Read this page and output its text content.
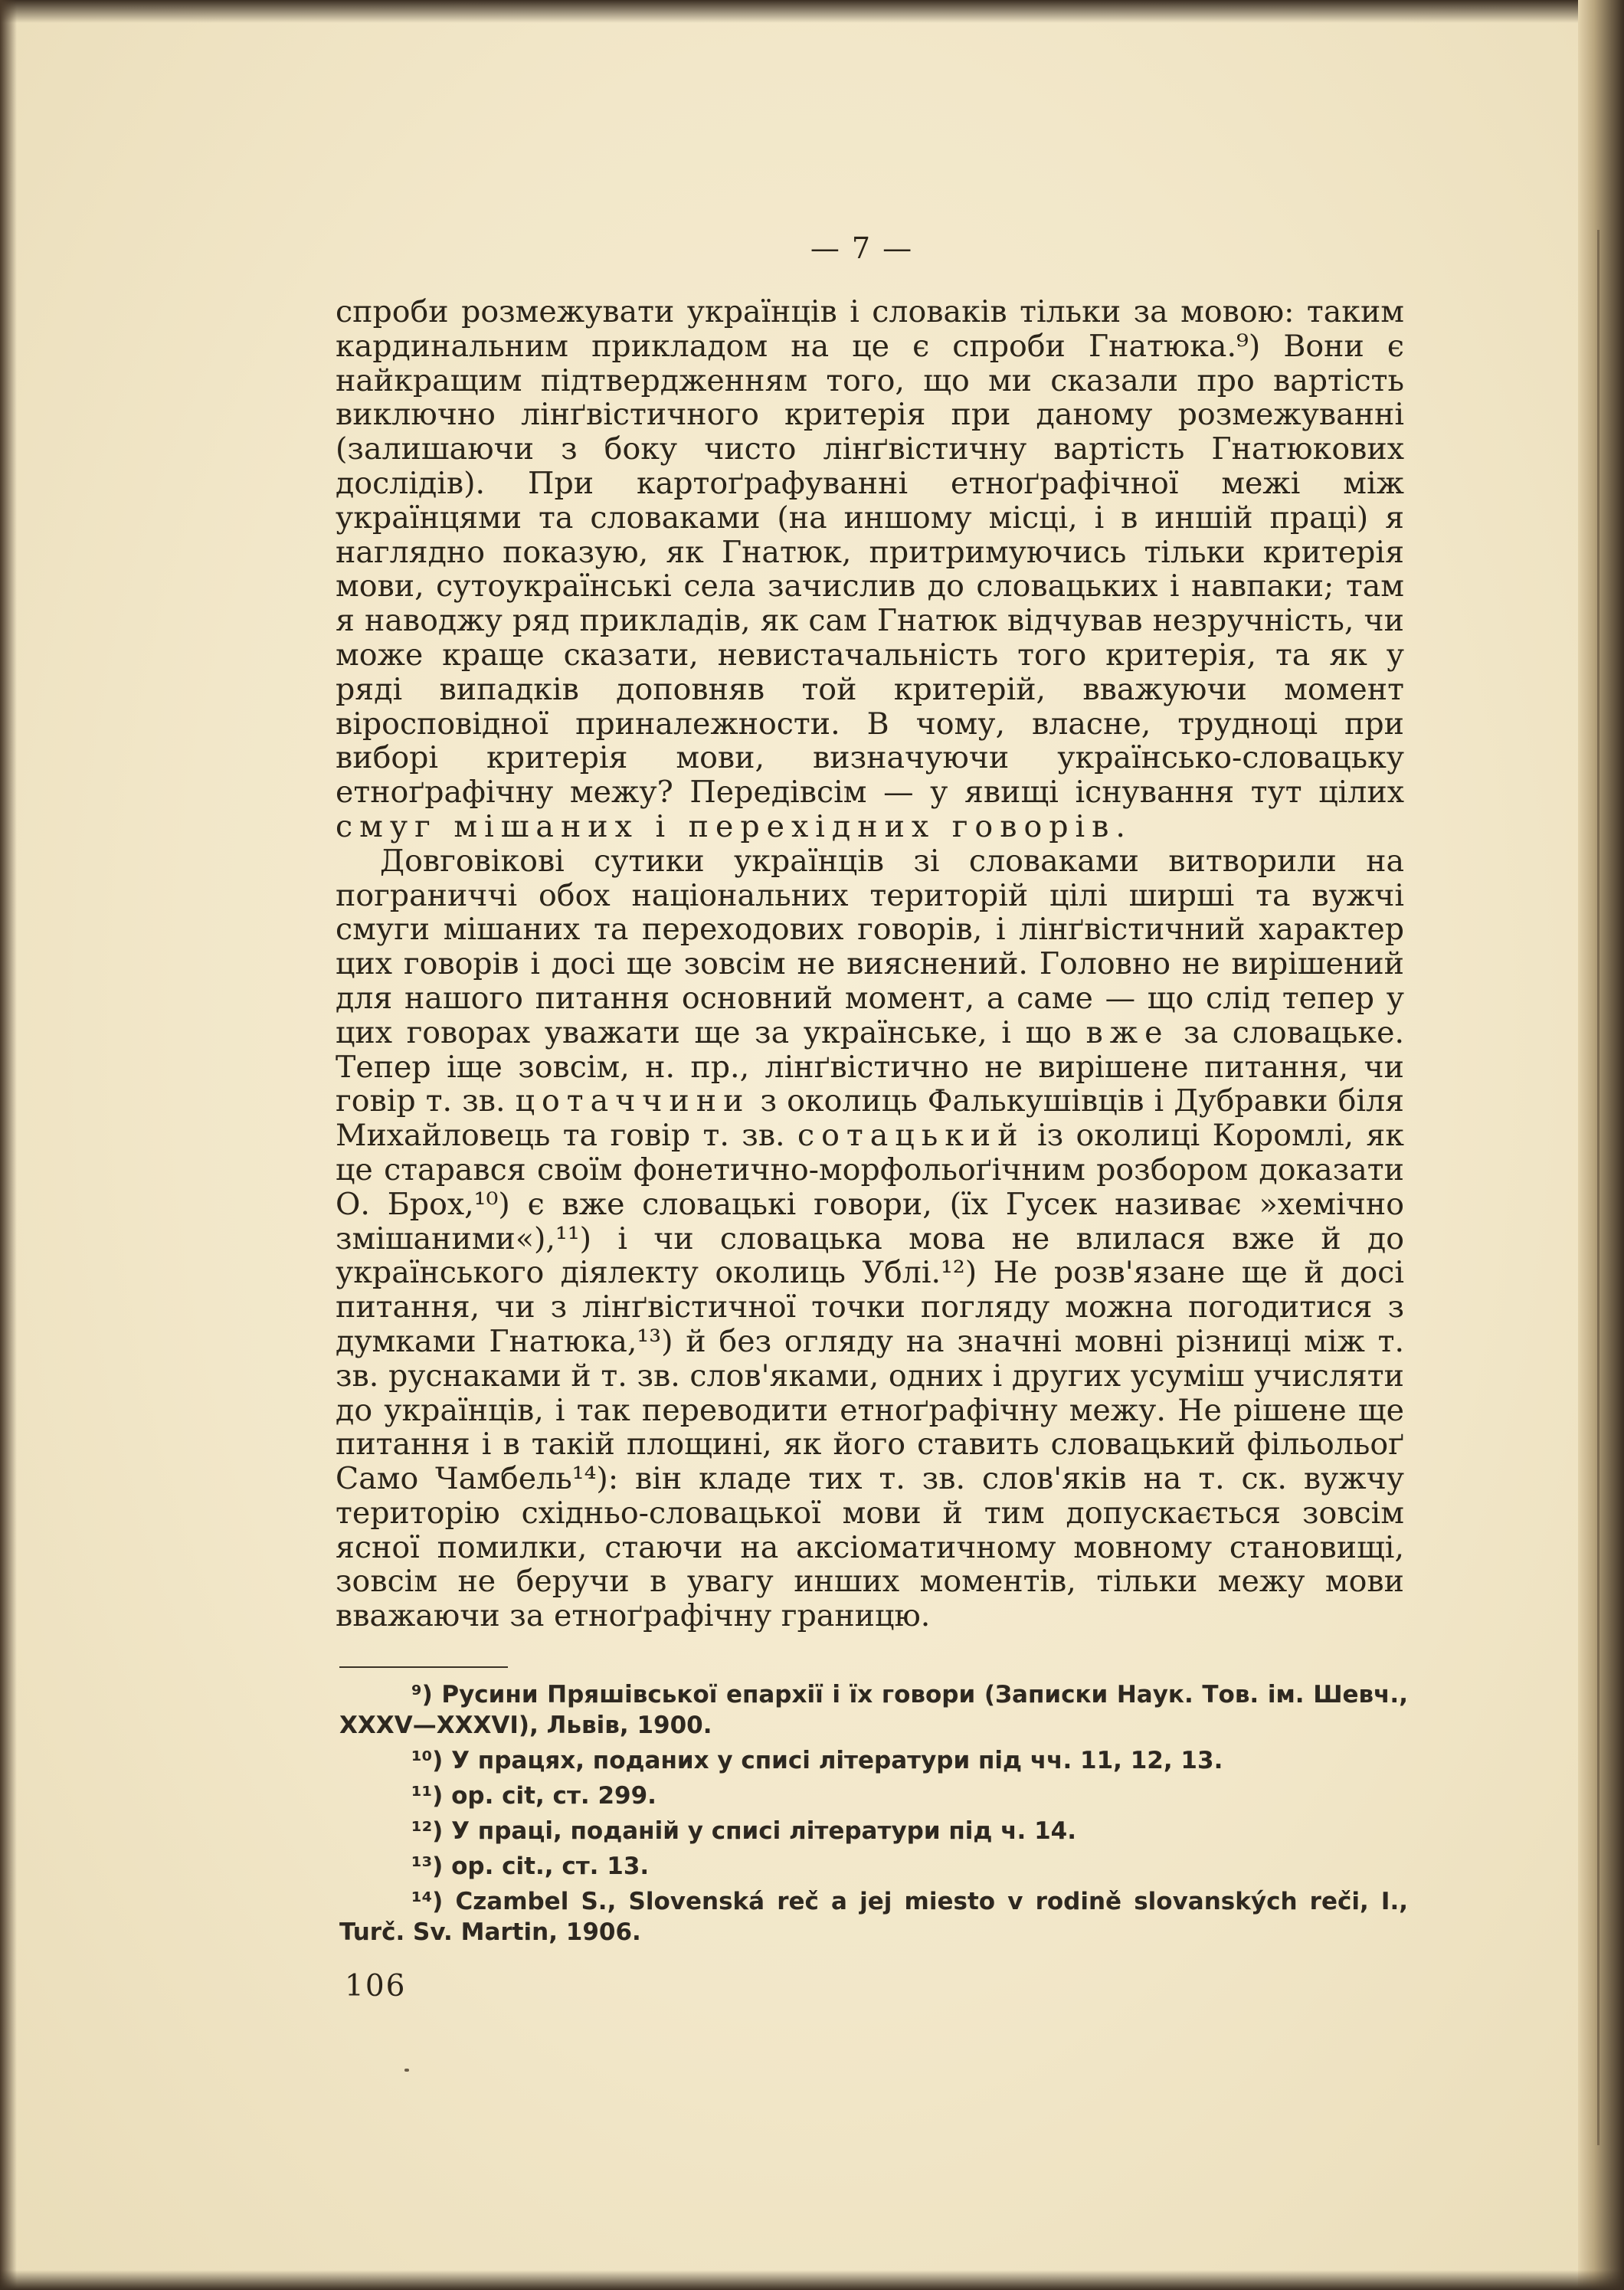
— 7 —

спроби розмежувати українців і словаків тільки за мовою: таким кардинальним прикладом на це є спроби Гнатюка.⁹) Вони є найкращим підтвердженням того, що ми сказали про вартість виключно лінґвістичного критерія при даному розмежуванні (залишаючи з боку чисто лінґвістичну вартість Гнатюкових дослідів). При картоґрафуванні етноґрафічної межі між українцями та словаками (на иншому місці, і в иншій праці) я наглядно показую, як Гнатюк, притримуючись тільки критерія мови, сутоукраїнські села зачислив до словацьких і навпаки; там я наводжу ряд прикладів, як сам Гнатюк відчував незручність, чи може краще сказати, невистачальність того критерія, та як у ряді випадків доповняв той критерій, вважуючи момент віросповідної приналежности. В чому, власне, трудноці при виборі критерія мови, визначуючи українсько-словацьку етноґрафічну межу? Передівсім — у явищі існування тут цілих смуг мішаних і перехідних говорів.

Довговікові сутики українців зі словаками витворили на пограниччі обох національних територій цілі ширші та вужчі смуги мішаних та переходових говорів, і лінґвістичний характер цих говорів і досі ще зовсім не вияснений. Головно не вирішений для нашого питання основний момент, а саме — що слід тепер у цих говорах уважати ще за українське, і що вже за словацьке. Тепер іще зовсім, н. пр., лінґвістично не вирішене питання, чи говір т. зв. цотаччини з околиць Фалькушівців і Дубравки біля Михайловець та говір т. зв. сотацький із околиці Коромлі, як це старався своїм фонетично-морфольоґічним розбором доказати О. Брох,¹⁰) є вже словацькі говори, (їх Гусек називає »хемічно змішаними«),¹¹) і чи словацька мова не влилася вже й до українського діялекту околиць Ублі.¹²) Не розв'язане ще й досі питання, чи з лінґвістичної точки погляду можна погодитися з думками Гнатюка,¹³) й без огляду на значні мовні різниці між т. зв. руснаками й т. зв. слов'яками, одних і других усуміш учисляти до українців, і так переводити етноґрафічну межу. Не рішене ще питання і в такій площині, як його ставить словацький фільольоґ Само Чамбель¹⁴): він кладе тих т. зв. слов'яків на т. ск. вужчу територію східньо-словацької мови й тим допускається зовсім ясної помилки, стаючи на аксіоматичному мовному становищі, зовсім не беручи в увагу инших моментів, тільки межу мови вважаючи за етноґрафічну границю.

⁹) Русини Пряшівської епархії і їх говори (Записки Наук. Тов. ім. Шевч., XXXV—XXXVI), Львів, 1900.

¹⁰) У працях, поданих у списі літератури під чч. 11, 12, 13.

¹¹) op. cit, ст. 299.

¹²) У праці, поданій у списі літератури під ч. 14.

¹³) op. cit., ст. 13.

¹⁴) Czambel S., Slovenská reč a jej miesto v rodině slovanských reči, I., Turč. Sv. Martin, 1906.

106
